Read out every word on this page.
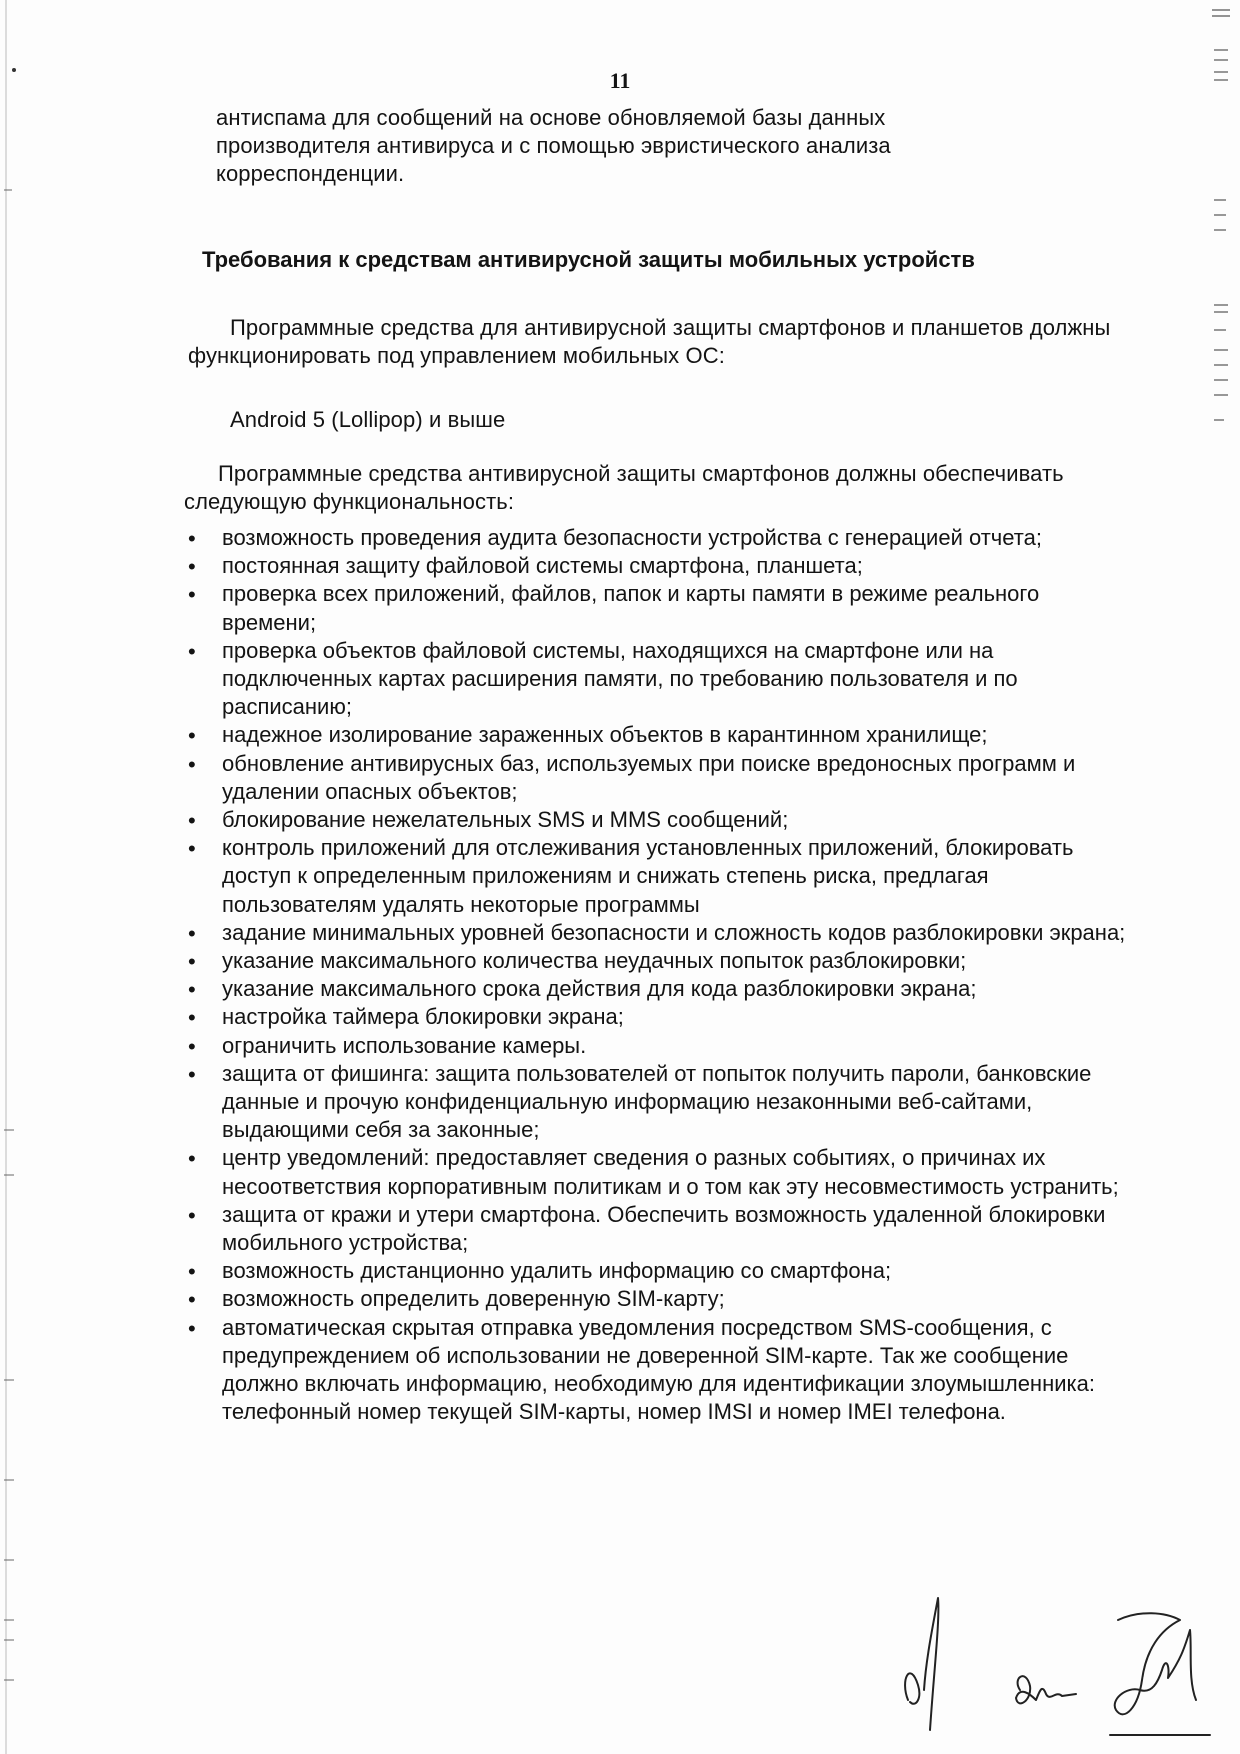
11
антиспама для сообщений на основе обновляемой базы данных производителя антивируса и с помощью эвристического анализа корреспонденции.
Требования к средствам антивирусной защиты мобильных устройств
Программные средства для антивирусной защиты смартфонов и планшетов должны функционировать под управлением мобильных ОС:
Android 5 (Lollipop) и выше
Программные средства антивирусной защиты смартфонов должны обеспечивать следующую функциональность:
• возможность проведения аудита безопасности устройства с генерацией отчета;
• постоянная защиту файловой системы смартфона, планшета;
• проверка всех приложений, файлов, папок и карты памяти в режиме реального времени;
• проверка объектов файловой системы, находящихся на смартфоне или на подключенных картах расширения памяти, по требованию пользователя и по расписанию;
• надежное изолирование зараженных объектов в карантинном хранилище;
• обновление антивирусных баз, используемых при поиске вредоносных программ и удалении опасных объектов;
• блокирование нежелательных SMS и MMS сообщений;
• контроль приложений для отслеживания установленных приложений, блокировать доступ к определенным приложениям и снижать степень риска, предлагая пользователям удалять некоторые программы
• задание минимальных уровней безопасности и сложность кодов разблокировки экрана;
• указание максимального количества неудачных попыток разблокировки;
• указание максимального срока действия для кода разблокировки экрана;
• настройка таймера блокировки экрана;
• ограничить использование камеры.
• защита от фишинга: защита пользователей от попыток получить пароли, банковские данные и прочую конфиденциальную информацию незаконными веб-сайтами, выдающими себя за законные;
• центр уведомлений: предоставляет сведения о разных событиях, о причинах их несоответствия корпоративным политикам и о том как эту несовместимость устранить;
• защита от кражи и утери смартфона. Обеспечить возможность удаленной блокировки мобильного устройства;
• возможность дистанционно удалить информацию со смартфона;
• возможность определить доверенную SIM-карту;
• автоматическая скрытая отправка уведомления посредством SMS-сообщения, с предупреждением об использовании не доверенной SIM-карте. Так же сообщение должно включать информацию, необходимую для идентификации злоумышленника: телефонный номер текущей SIM-карты, номер IMSI и номер IMEI телефона.
